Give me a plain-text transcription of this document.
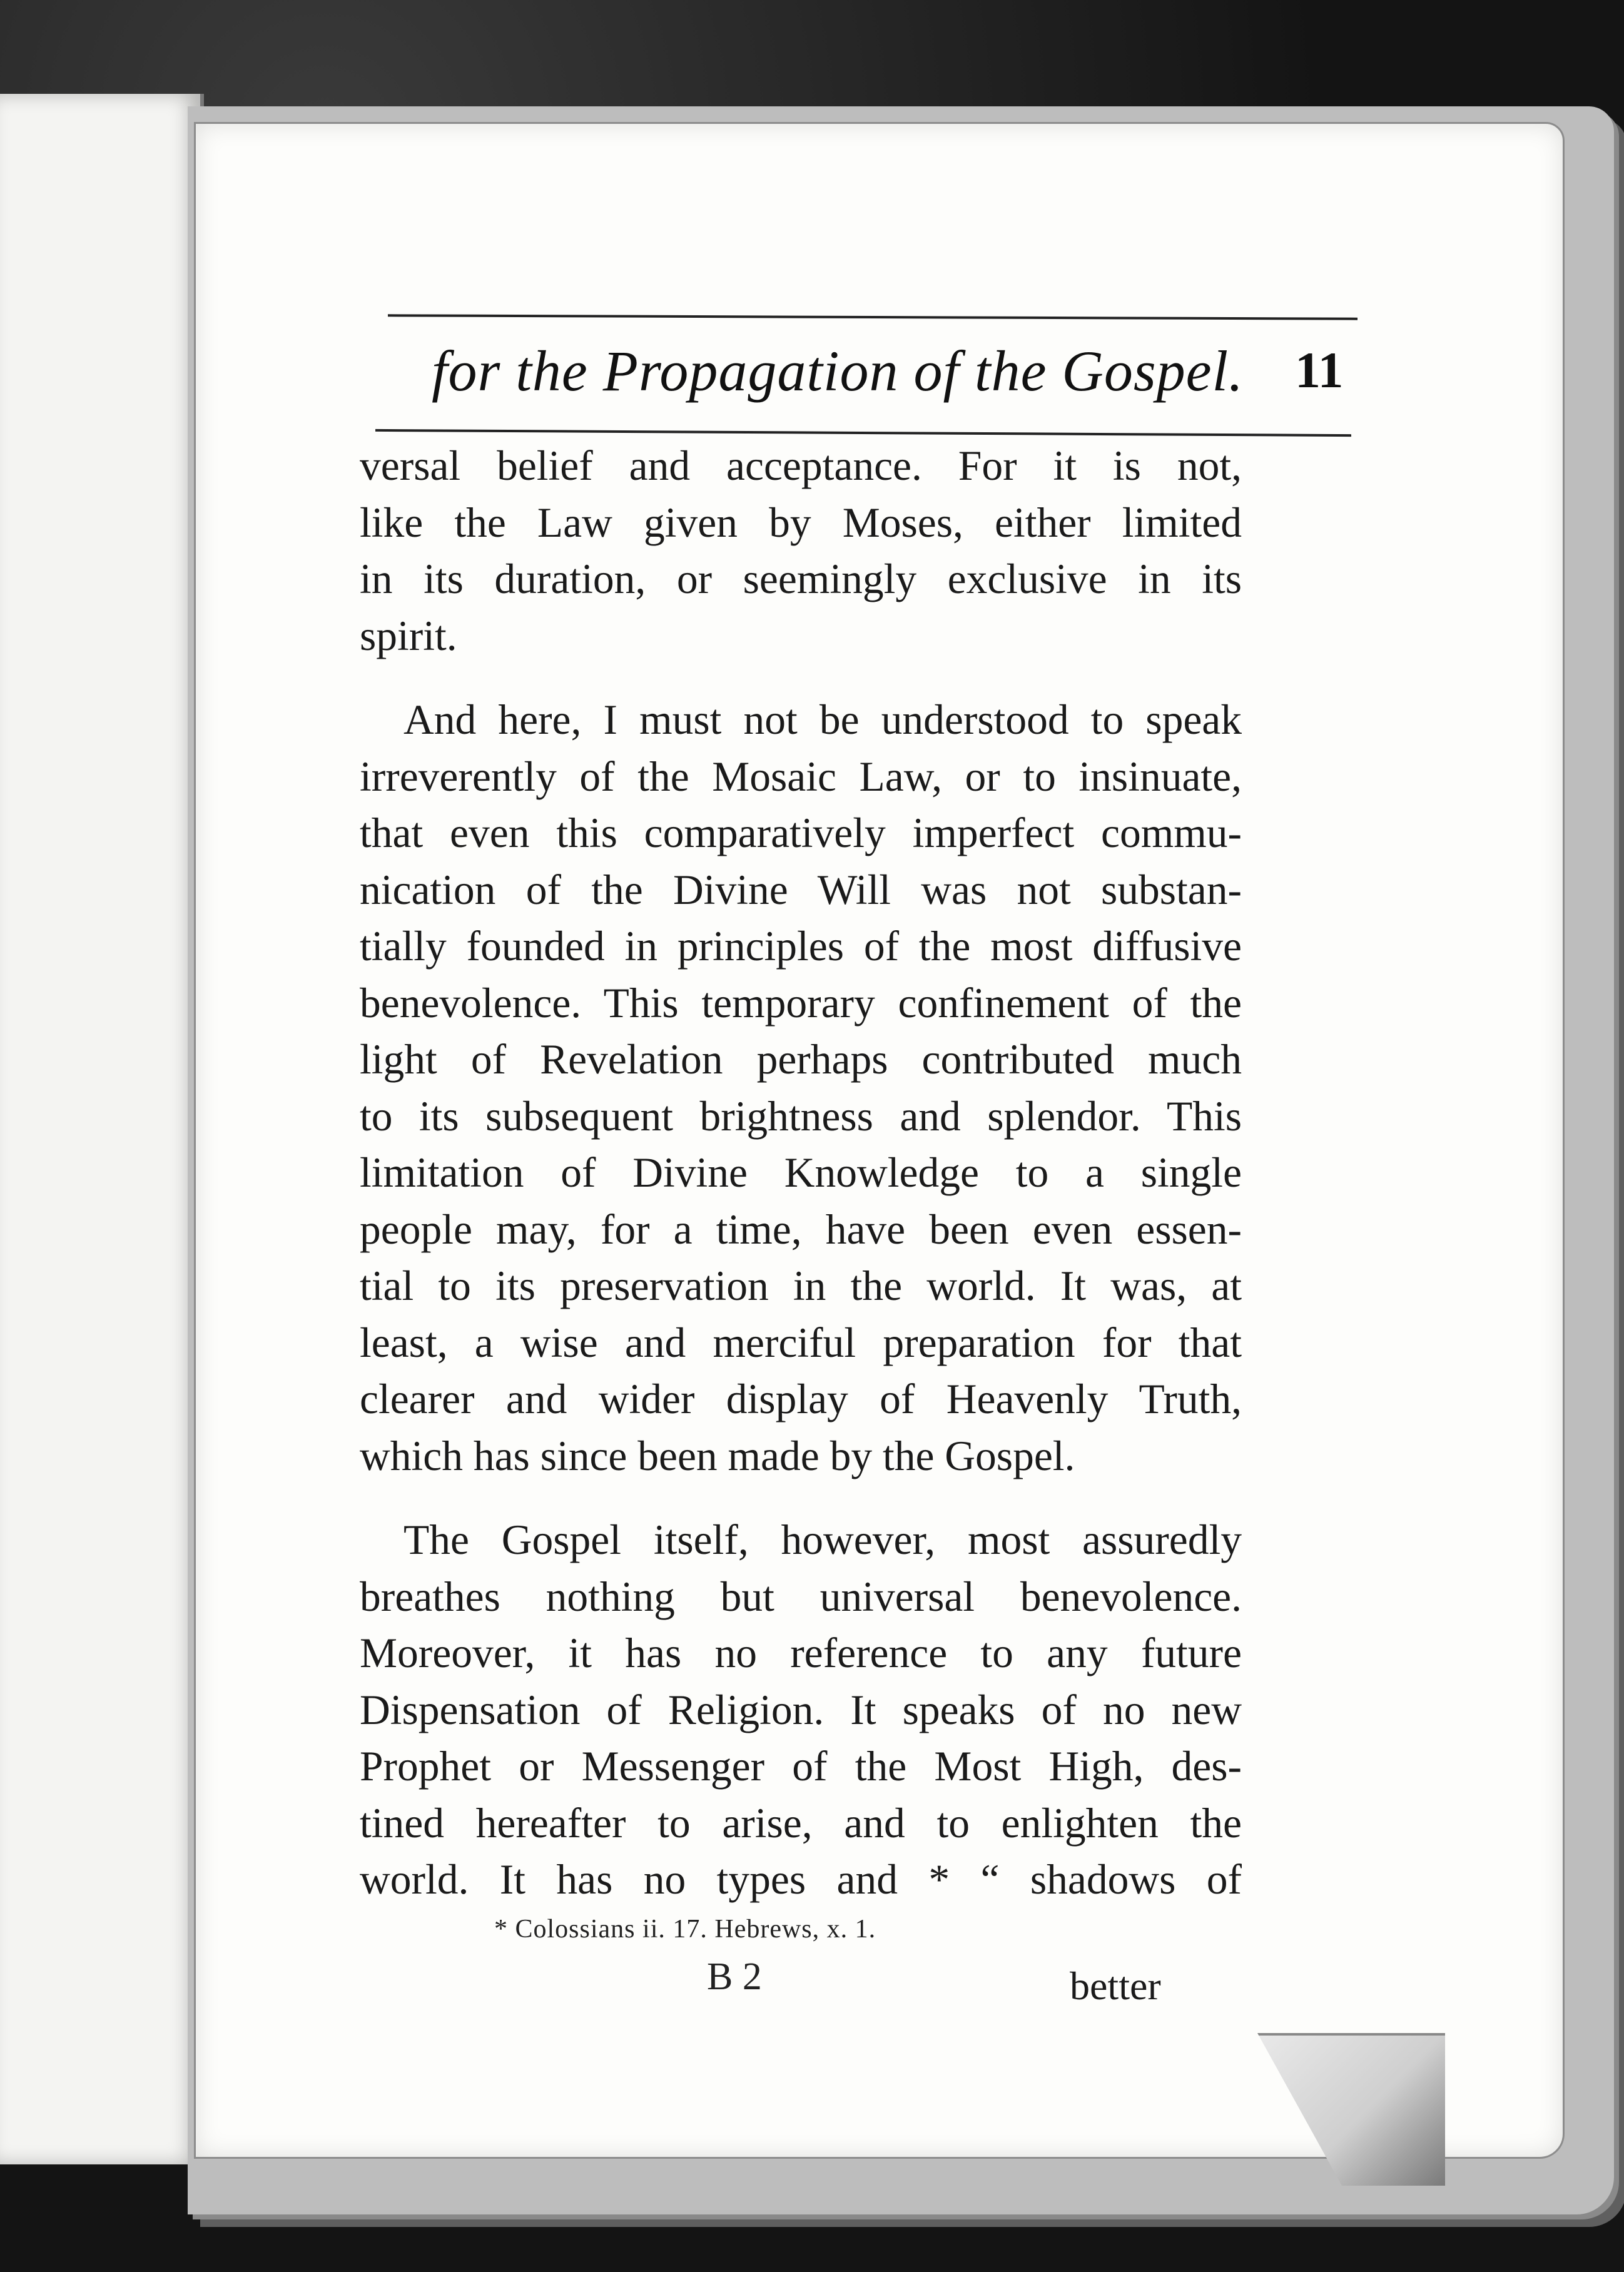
for the Propagation of the Gospel. 11
versal belief and acceptance. For it is not,
like the Law given by Moses, either limited
in its duration, or seemingly exclusive in its
spirit.
And here, I must not be understood to speak
irreverently of the Mosaic Law, or to insinuate,
that even this comparatively imperfect commu-
nication of the Divine Will was not substan-
tially founded in principles of the most diffusive
benevolence. This temporary confinement of the
light of Revelation perhaps contributed much
to its subsequent brightness and splendor. This
limitation of Divine Knowledge to a single
people may, for a time, have been even essen-
tial to its preservation in the world. It was, at
least, a wise and merciful preparation for that
clearer and wider display of Heavenly Truth,
which has since been made by the Gospel.
The Gospel itself, however, most assuredly
breathes nothing but universal benevolence.
Moreover, it has no reference to any future
Dispensation of Religion. It speaks of no new
Prophet or Messenger of the Most High, des-
tined hereafter to arise, and to enlighten the
world. It has no types and * “ shadows of
* Colossians ii. 17. Hebrews, x. 1.
B 2	better
